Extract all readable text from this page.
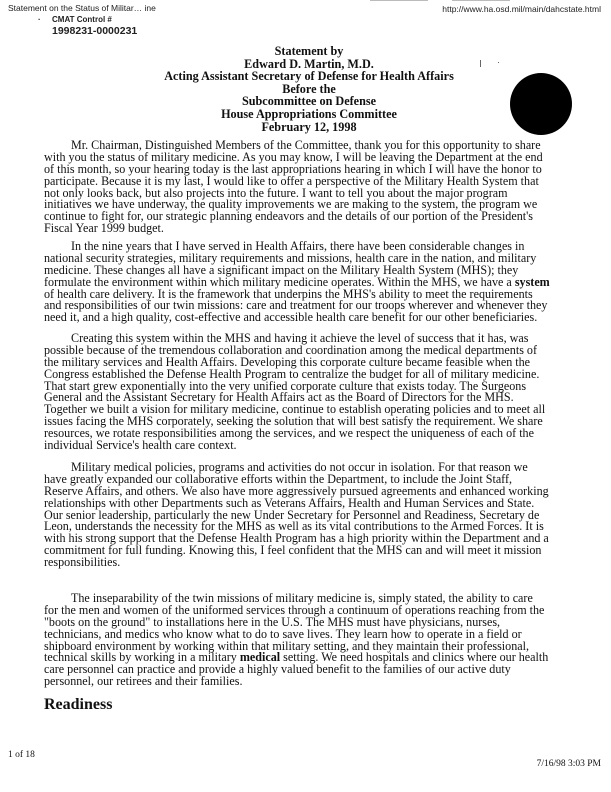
Statement on the Status of Militar… ine	http://www.ha.osd.mil/main/dahcstate.html
· CMAT Control #
1998231-0000231
Statement by
Edward D. Martin, M.D.
Acting Assistant Secretary of Defense for Health Affairs
Before the
Subcommittee on Defense
House Appropriations Committee
February 12, 1998
Mr. Chairman, Distinguished Members of the Committee, thank you for this opportunity to share
with you the status of military medicine. As you may know, I will be leaving the Department at the end
of this month, so your hearing today is the last appropriations hearing in which I will have the honor to
participate. Because it is my last, I would like to offer a perspective of the Military Health System that
not only looks back, but also projects into the future. I want to tell you about the major program
initiatives we have underway, the quality improvements we are making to the system, the program we
continue to fight for, our strategic planning endeavors and the details of our portion of the President's
Fiscal Year 1999 budget.
In the nine years that I have served in Health Affairs, there have been considerable changes in
national security strategies, military requirements and missions, health care in the nation, and military
medicine. These changes all have a significant impact on the Military Health System (MHS); they
formulate the environment within which military medicine operates. Within the MHS, we have a system
of health care delivery. It is the framework that underpins the MHS's ability to meet the requirements
and responsibilities of our twin missions: care and treatment for our troops wherever and whenever they
need it, and a high quality, cost-effective and accessible health care benefit for our other beneficiaries.
Creating this system within the MHS and having it achieve the level of success that it has, was
possible because of the tremendous collaboration and coordination among the medical departments of
the military services and Health Affairs. Developing this corporate culture became feasible when the
Congress established the Defense Health Program to centralize the budget for all of military medicine.
That start grew exponentially into the very unified corporate culture that exists today. The Surgeons
General and the Assistant Secretary for Health Affairs act as the Board of Directors for the MHS.
Together we built a vision for military medicine, continue to establish operating policies and to meet all
issues facing the MHS corporately, seeking the solution that will best satisfy the requirement. We share
resources, we rotate responsibilities among the services, and we respect the uniqueness of each of the
individual Service's health care context.
Military medical policies, programs and activities do not occur in isolation. For that reason we
have greatly expanded our collaborative efforts within the Department, to include the Joint Staff,
Reserve Affairs, and others. We also have more aggressively pursued agreements and enhanced working
relationships with other Departments such as Veterans Affairs, Health and Human Services and State.
Our senior leadership, particularly the new Under Secretary for Personnel and Readiness, Secretary de
Leon, understands the necessity for the MHS as well as its vital contributions to the Armed Forces. It is
with his strong support that the Defense Health Program has a high priority within the Department and a
commitment for full funding. Knowing this, I feel confident that the MHS can and will meet it mission
responsibilities.
The inseparability of the twin missions of military medicine is, simply stated, the ability to care
for the men and women of the uniformed services through a continuum of operations reaching from the
"boots on the ground" to installations here in the U.S. The MHS must have physicians, nurses,
technicians, and medics who know what to do to save lives. They learn how to operate in a field or
shipboard environment by working within that military setting, and they maintain their professional,
technical skills by working in a military medical setting. We need hospitals and clinics where our health
care personnel can practice and provide a highly valued benefit to the families of our active duty
personnel, our retirees and their families.
Readiness
1 of 18
7/16/98 3:03 PM
